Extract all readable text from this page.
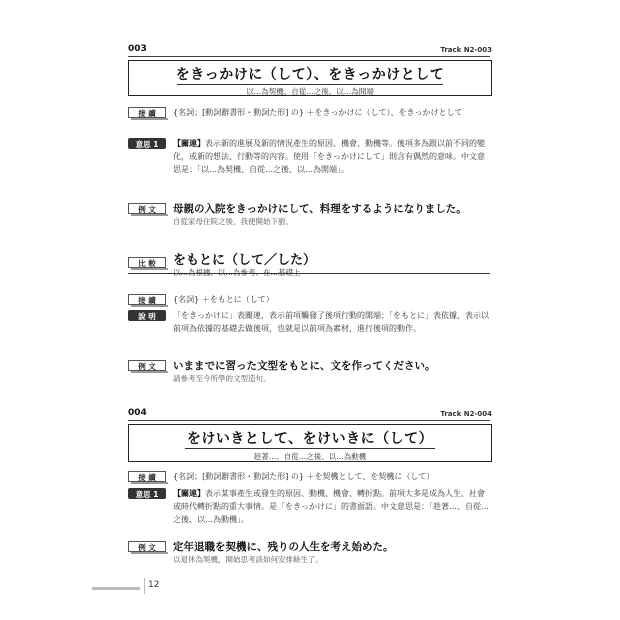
003	Track N2-003
をきっかけに（して）、をきっかけとして
以…為契機、自從…之後、以…為開端
接 續	{名詞；[動詞辭書形・動詞た形] の} ＋をきっかけに（して）、をきっかけとして
意思 1	【關連】表示新的進展及新的情況產生的原因、機會、動機等。後項多為跟以前不同的變化，或新的想法、行動等的內容。使用「をきっかけにして」則含有偶然的意味。中文意思是：「以…為契機、自從…之後、以…為開端」。
例 文	母親の入院をきっかけにして、料理をするようになりました。
自從家母住院之後，我便開始下廚。
比 較	をもとに（して／した）
接 續	{名詞} ＋をもとに（して）
說 明	「をきっかけに」表關連，表示前項觸發了後項行動的開端；「をもとに」表依據，表示以前項為依據的基礎去做後項，也就是以前項為素材，進行後項的動作。
例 文	いままでに習った文型をもとに、文を作ってください。
請參考至今所學的文型造句。
004	Track N2-004
をけいきとして、をけいきに（して）
趁著…、自從…之後、以…為動機
接 續	{名詞；[動詞辭書形・動詞た形] の} ＋を契機として、を契機に（して）
意思 1	【關連】表示某事產生或發生的原因、動機、機會、轉折點。前項大多是成為人生、社會或時代轉折點的重大事情。是「をきっかけに」的書面語。中文意思是：「趁著…、自從…之後、以…為動機」。
例 文	定年退職を契機に、残りの人生を考え始めた。
以退休為契機，開始思考該如何安排餘生了。
12
